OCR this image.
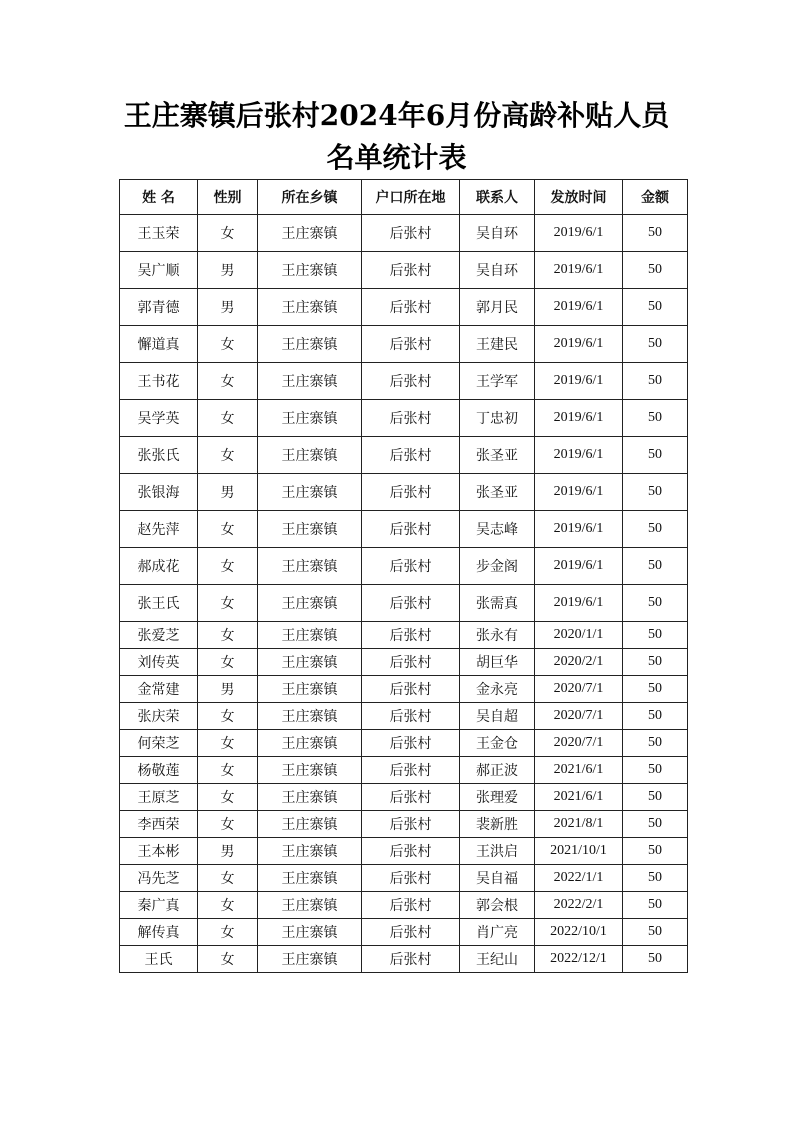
王庄寨镇后张村2024年6月份高龄补贴人员
名单统计表
姓 名	性别	所在乡镇	户口所在地	联系人	发放时间	金额
王玉荣	女	王庄寨镇	后张村	吴自环	2019/6/1	50
吴广顺	男	王庄寨镇	后张村	吴自环	2019/6/1	50
郭青德	男	王庄寨镇	后张村	郭月民	2019/6/1	50
懈道真	女	王庄寨镇	后张村	王建民	2019/6/1	50
王书花	女	王庄寨镇	后张村	王学军	2019/6/1	50
吴学英	女	王庄寨镇	后张村	丁忠初	2019/6/1	50
张张氏	女	王庄寨镇	后张村	张圣亚	2019/6/1	50
张银海	男	王庄寨镇	后张村	张圣亚	2019/6/1	50
赵先萍	女	王庄寨镇	后张村	吴志峰	2019/6/1	50
郝成花	女	王庄寨镇	后张村	步金阁	2019/6/1	50
张王氏	女	王庄寨镇	后张村	张需真	2019/6/1	50
张爱芝	女	王庄寨镇	后张村	张永有	2020/1/1	50
刘传英	女	王庄寨镇	后张村	胡巨华	2020/2/1	50
金常建	男	王庄寨镇	后张村	金永亮	2020/7/1	50
张庆荣	女	王庄寨镇	后张村	吴自超	2020/7/1	50
何荣芝	女	王庄寨镇	后张村	王金仓	2020/7/1	50
杨敬莲	女	王庄寨镇	后张村	郝正波	2021/6/1	50
王原芝	女	王庄寨镇	后张村	张理爱	2021/6/1	50
李西荣	女	王庄寨镇	后张村	裴新胜	2021/8/1	50
王本彬	男	王庄寨镇	后张村	王洪启	2021/10/1	50
冯先芝	女	王庄寨镇	后张村	吴自福	2022/1/1	50
秦广真	女	王庄寨镇	后张村	郭会根	2022/2/1	50
解传真	女	王庄寨镇	后张村	肖广亮	2022/10/1	50
王氏	女	王庄寨镇	后张村	王纪山	2022/12/1	50
